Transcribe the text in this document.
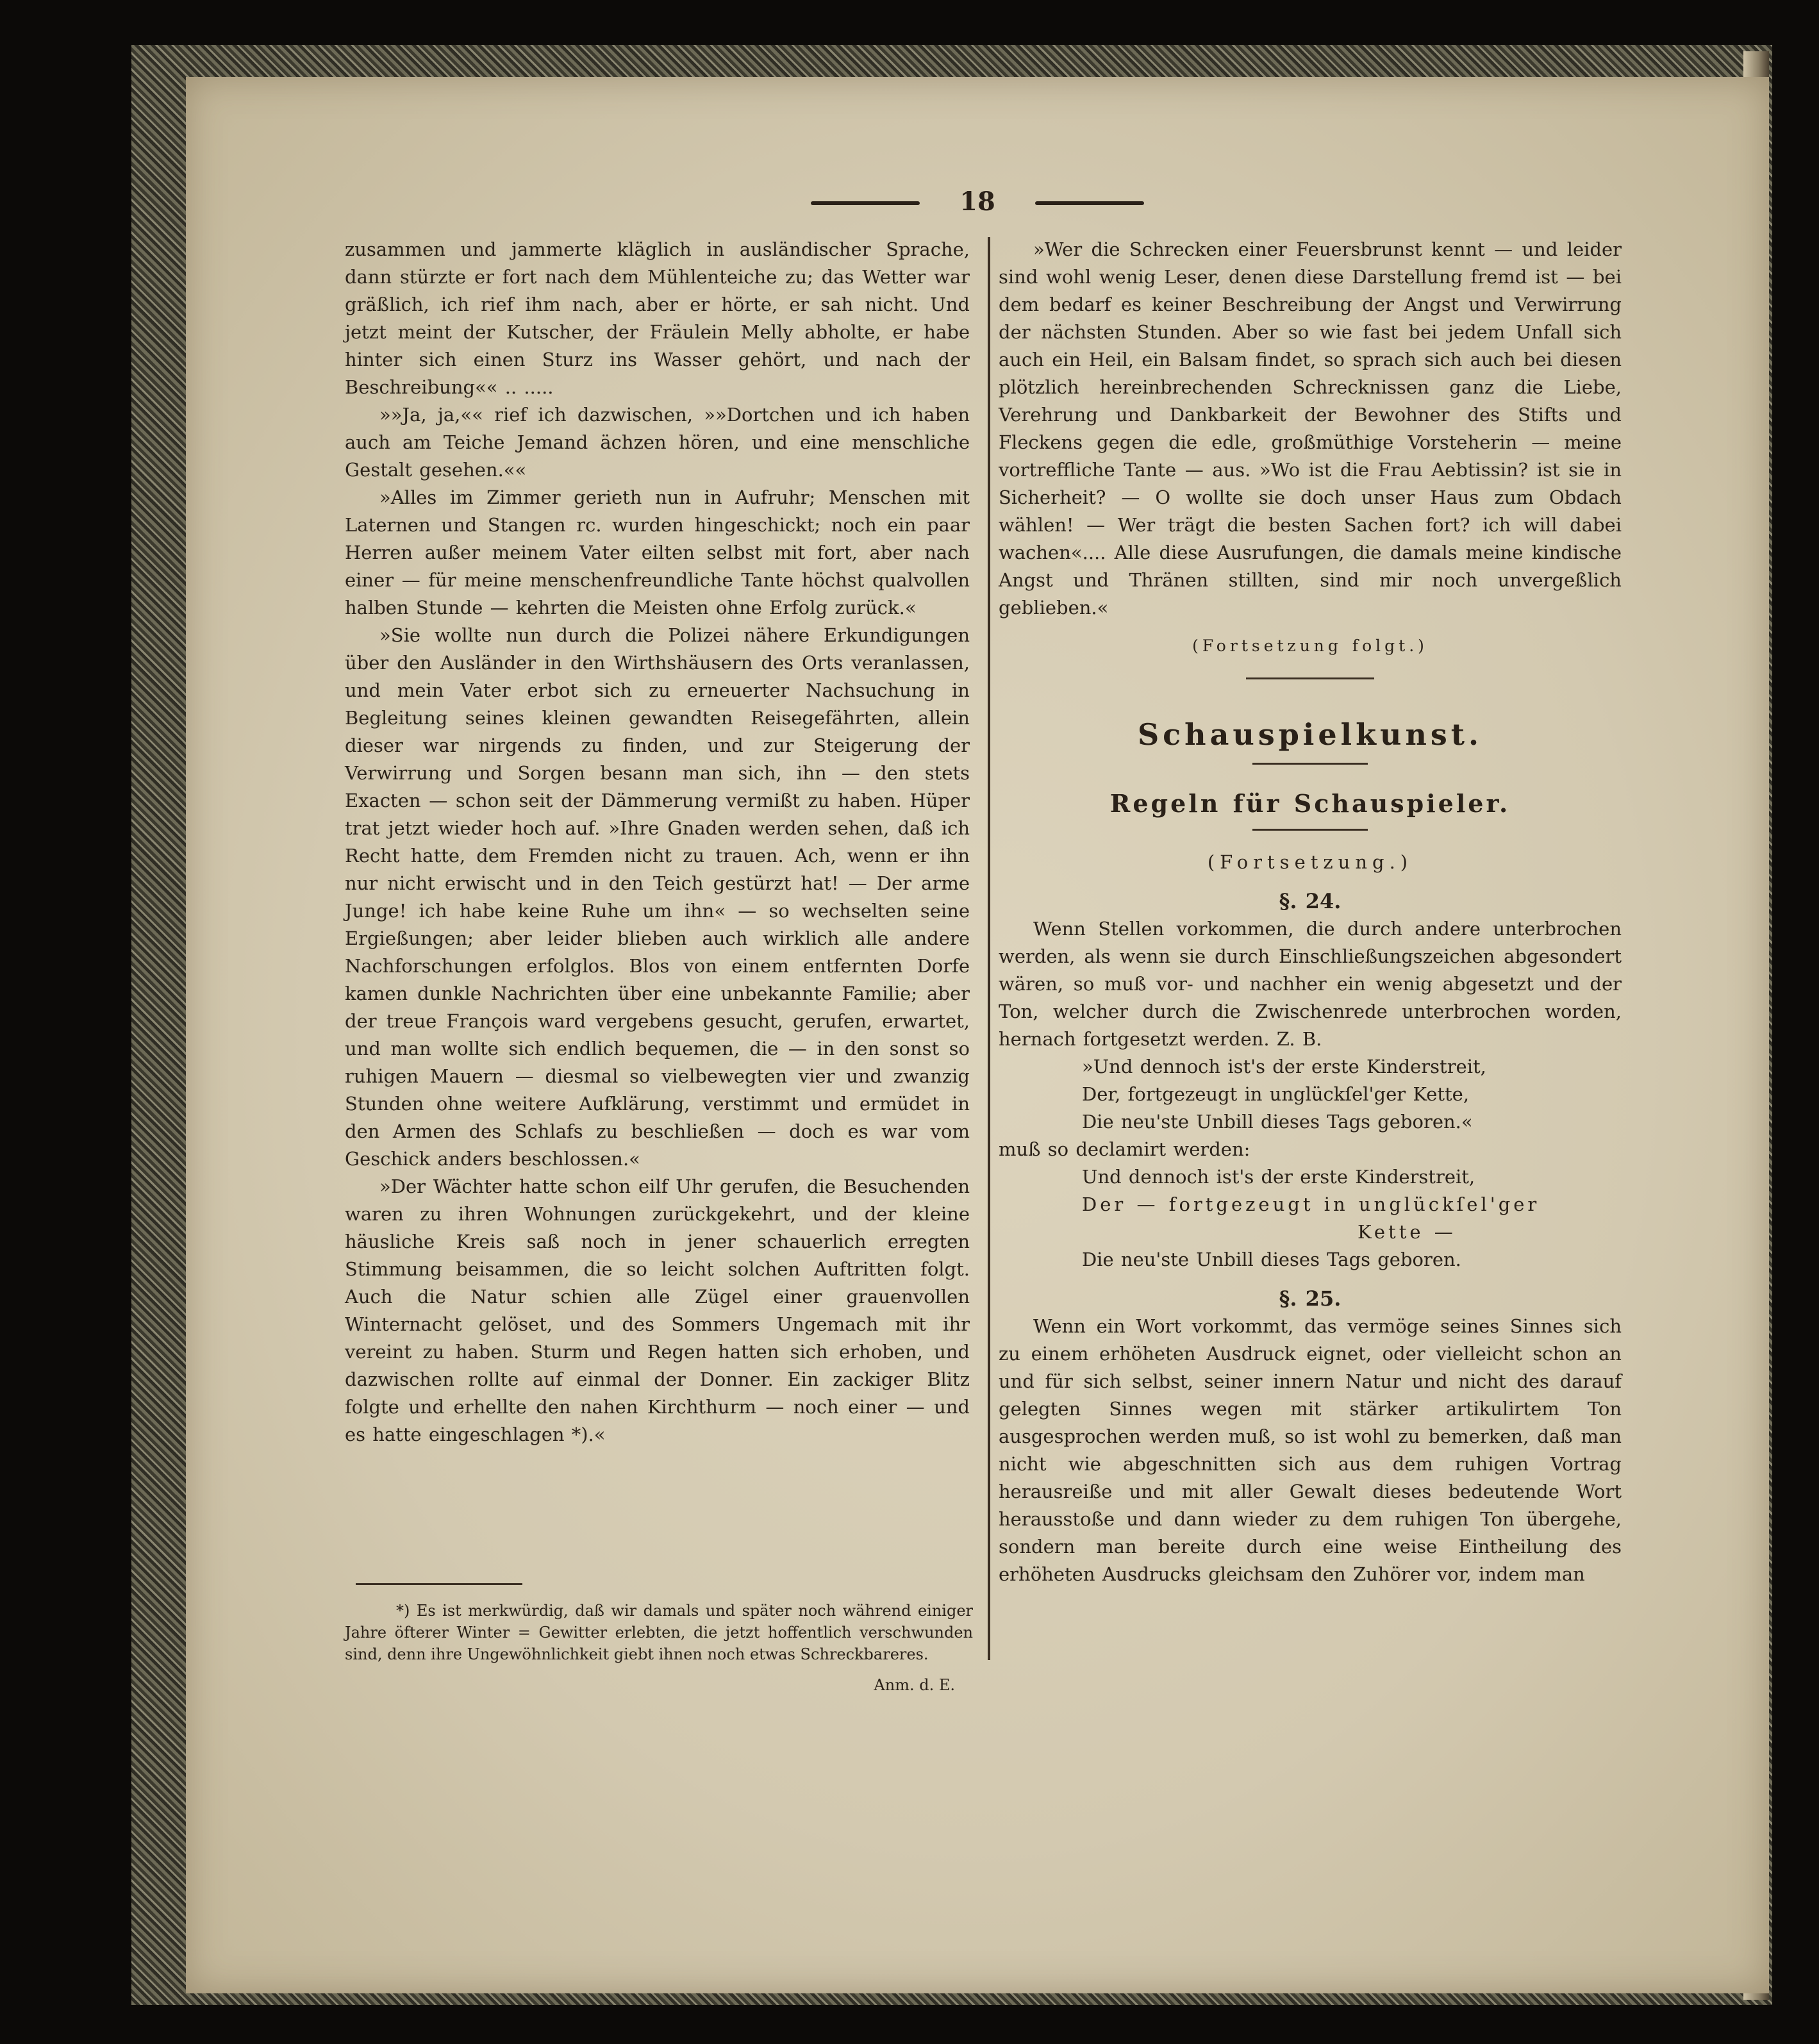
18

zusammen und jammerte kläglich in ausländischer Sprache, dann stürzte er fort nach dem Mühlenteiche zu; das Wetter war gräßlich, ich rief ihm nach, aber er hörte, er sah nicht. Und jetzt meint der Kutscher, der Fräulein Melly abholte, er habe hinter sich einen Sturz ins Wasser gehört, und nach der Beschreibung«« .. .....

»»Ja, ja,«« rief ich dazwischen, »»Dortchen und ich haben auch am Teiche Jemand ächzen hören, und eine menschliche Gestalt gesehen.««

»Alles im Zimmer gerieth nun in Aufruhr; Menschen mit Laternen und Stangen rc. wurden hingeschickt; noch ein paar Herren außer meinem Vater eilten selbst mit fort, aber nach einer — für meine menschenfreundliche Tante höchst qualvollen halben Stunde — kehrten die Meisten ohne Erfolg zurück.«

»Sie wollte nun durch die Polizei nähere Erkundigungen über den Ausländer in den Wirthshäusern des Orts veranlassen, und mein Vater erbot sich zu erneuerter Nachsuchung in Begleitung seines kleinen gewandten Reisegefährten, allein dieser war nirgends zu finden, und zur Steigerung der Verwirrung und Sorgen besann man sich, ihn — den stets Exacten — schon seit der Dämmerung vermißt zu haben. Hüper trat jetzt wieder hoch auf. »Ihre Gnaden werden sehen, daß ich Recht hatte, dem Fremden nicht zu trauen. Ach, wenn er ihn nur nicht erwischt und in den Teich gestürzt hat! — Der arme Junge! ich habe keine Ruhe um ihn« — so wechselten seine Ergießungen; aber leider blieben auch wirklich alle andere Nachforschungen erfolglos. Blos von einem entfernten Dorfe kamen dunkle Nachrichten über eine unbekannte Familie; aber der treue François ward vergebens gesucht, gerufen, erwartet, und man wollte sich endlich bequemen, die — in den sonst so ruhigen Mauern — diesmal so vielbewegten vier und zwanzig Stunden ohne weitere Aufklärung, verstimmt und ermüdet in den Armen des Schlafs zu beschließen — doch es war vom Geschick anders beschlossen.«

»Der Wächter hatte schon eilf Uhr gerufen, die Besuchenden waren zu ihren Wohnungen zurückgekehrt, und der kleine häusliche Kreis saß noch in jener schauerlich erregten Stimmung beisammen, die so leicht solchen Auftritten folgt. Auch die Natur schien alle Zügel einer grauenvollen Winternacht gelöset, und des Sommers Ungemach mit ihr vereint zu haben. Sturm und Regen hatten sich erhoben, und dazwischen rollte auf einmal der Donner. Ein zackiger Blitz folgte und erhellte den nahen Kirchthurm — noch einer — und es hatte eingeschlagen *).«

*) Es ist merkwürdig, daß wir damals und später noch während einiger Jahre öfterer Winter = Gewitter erlebten, die jetzt hoffentlich verschwunden sind, denn ihre Ungewöhnlichkeit giebt ihnen noch etwas Schreckbareres.

Anm. d. E.

»Wer die Schrecken einer Feuersbrunst kennt — und leider sind wohl wenig Leser, denen diese Darstellung fremd ist — bei dem bedarf es keiner Beschreibung der Angst und Verwirrung der nächsten Stunden. Aber so wie fast bei jedem Unfall sich auch ein Heil, ein Balsam findet, so sprach sich auch bei diesen plötzlich hereinbrechenden Schrecknissen ganz die Liebe, Verehrung und Dankbarkeit der Bewohner des Stifts und Fleckens gegen die edle, großmüthige Vorsteherin — meine vortreffliche Tante — aus. »Wo ist die Frau Aebtissin? ist sie in Sicherheit? — O wollte sie doch unser Haus zum Obdach wählen! — Wer trägt die besten Sachen fort? ich will dabei wachen«.... Alle diese Ausrufungen, die damals meine kindische Angst und Thränen stillten, sind mir noch unvergeßlich geblieben.«

(Fortsetzung folgt.)

Schauspielkunst.

Regeln für Schauspieler.

(Fortsetzung.)

§. 24.

Wenn Stellen vorkommen, die durch andere unterbrochen werden, als wenn sie durch Einschließungszeichen abgesondert wären, so muß vor- und nachher ein wenig abgesetzt und der Ton, welcher durch die Zwischenrede unterbrochen worden, hernach fortgesetzt werden. Z. B.

»Und dennoch ist's der erste Kinderstreit,
Der, fortgezeugt in unglückſel'ger Kette,
Die neu'ste Unbill dieses Tags geboren.«

muß so declamirt werden:

Und dennoch ist's der erste Kinderstreit,
Der — fortgezeugt in unglückſel'ger
Kette —
Die neu'ste Unbill dieses Tags geboren.

§. 25.

Wenn ein Wort vorkommt, das vermöge seines Sinnes sich zu einem erhöheten Ausdruck eignet, oder vielleicht schon an und für sich selbst, seiner innern Natur und nicht des darauf gelegten Sinnes wegen mit stärker artikulirtem Ton ausgesprochen werden muß, so ist wohl zu bemerken, daß man nicht wie abgeschnitten sich aus dem ruhigen Vortrag herausreiße und mit aller Gewalt dieses bedeutende Wort herausstoße und dann wieder zu dem ruhigen Ton übergehe, sondern man bereite durch eine weise Eintheilung des erhöheten Ausdrucks gleichsam den Zuhörer vor, indem man
